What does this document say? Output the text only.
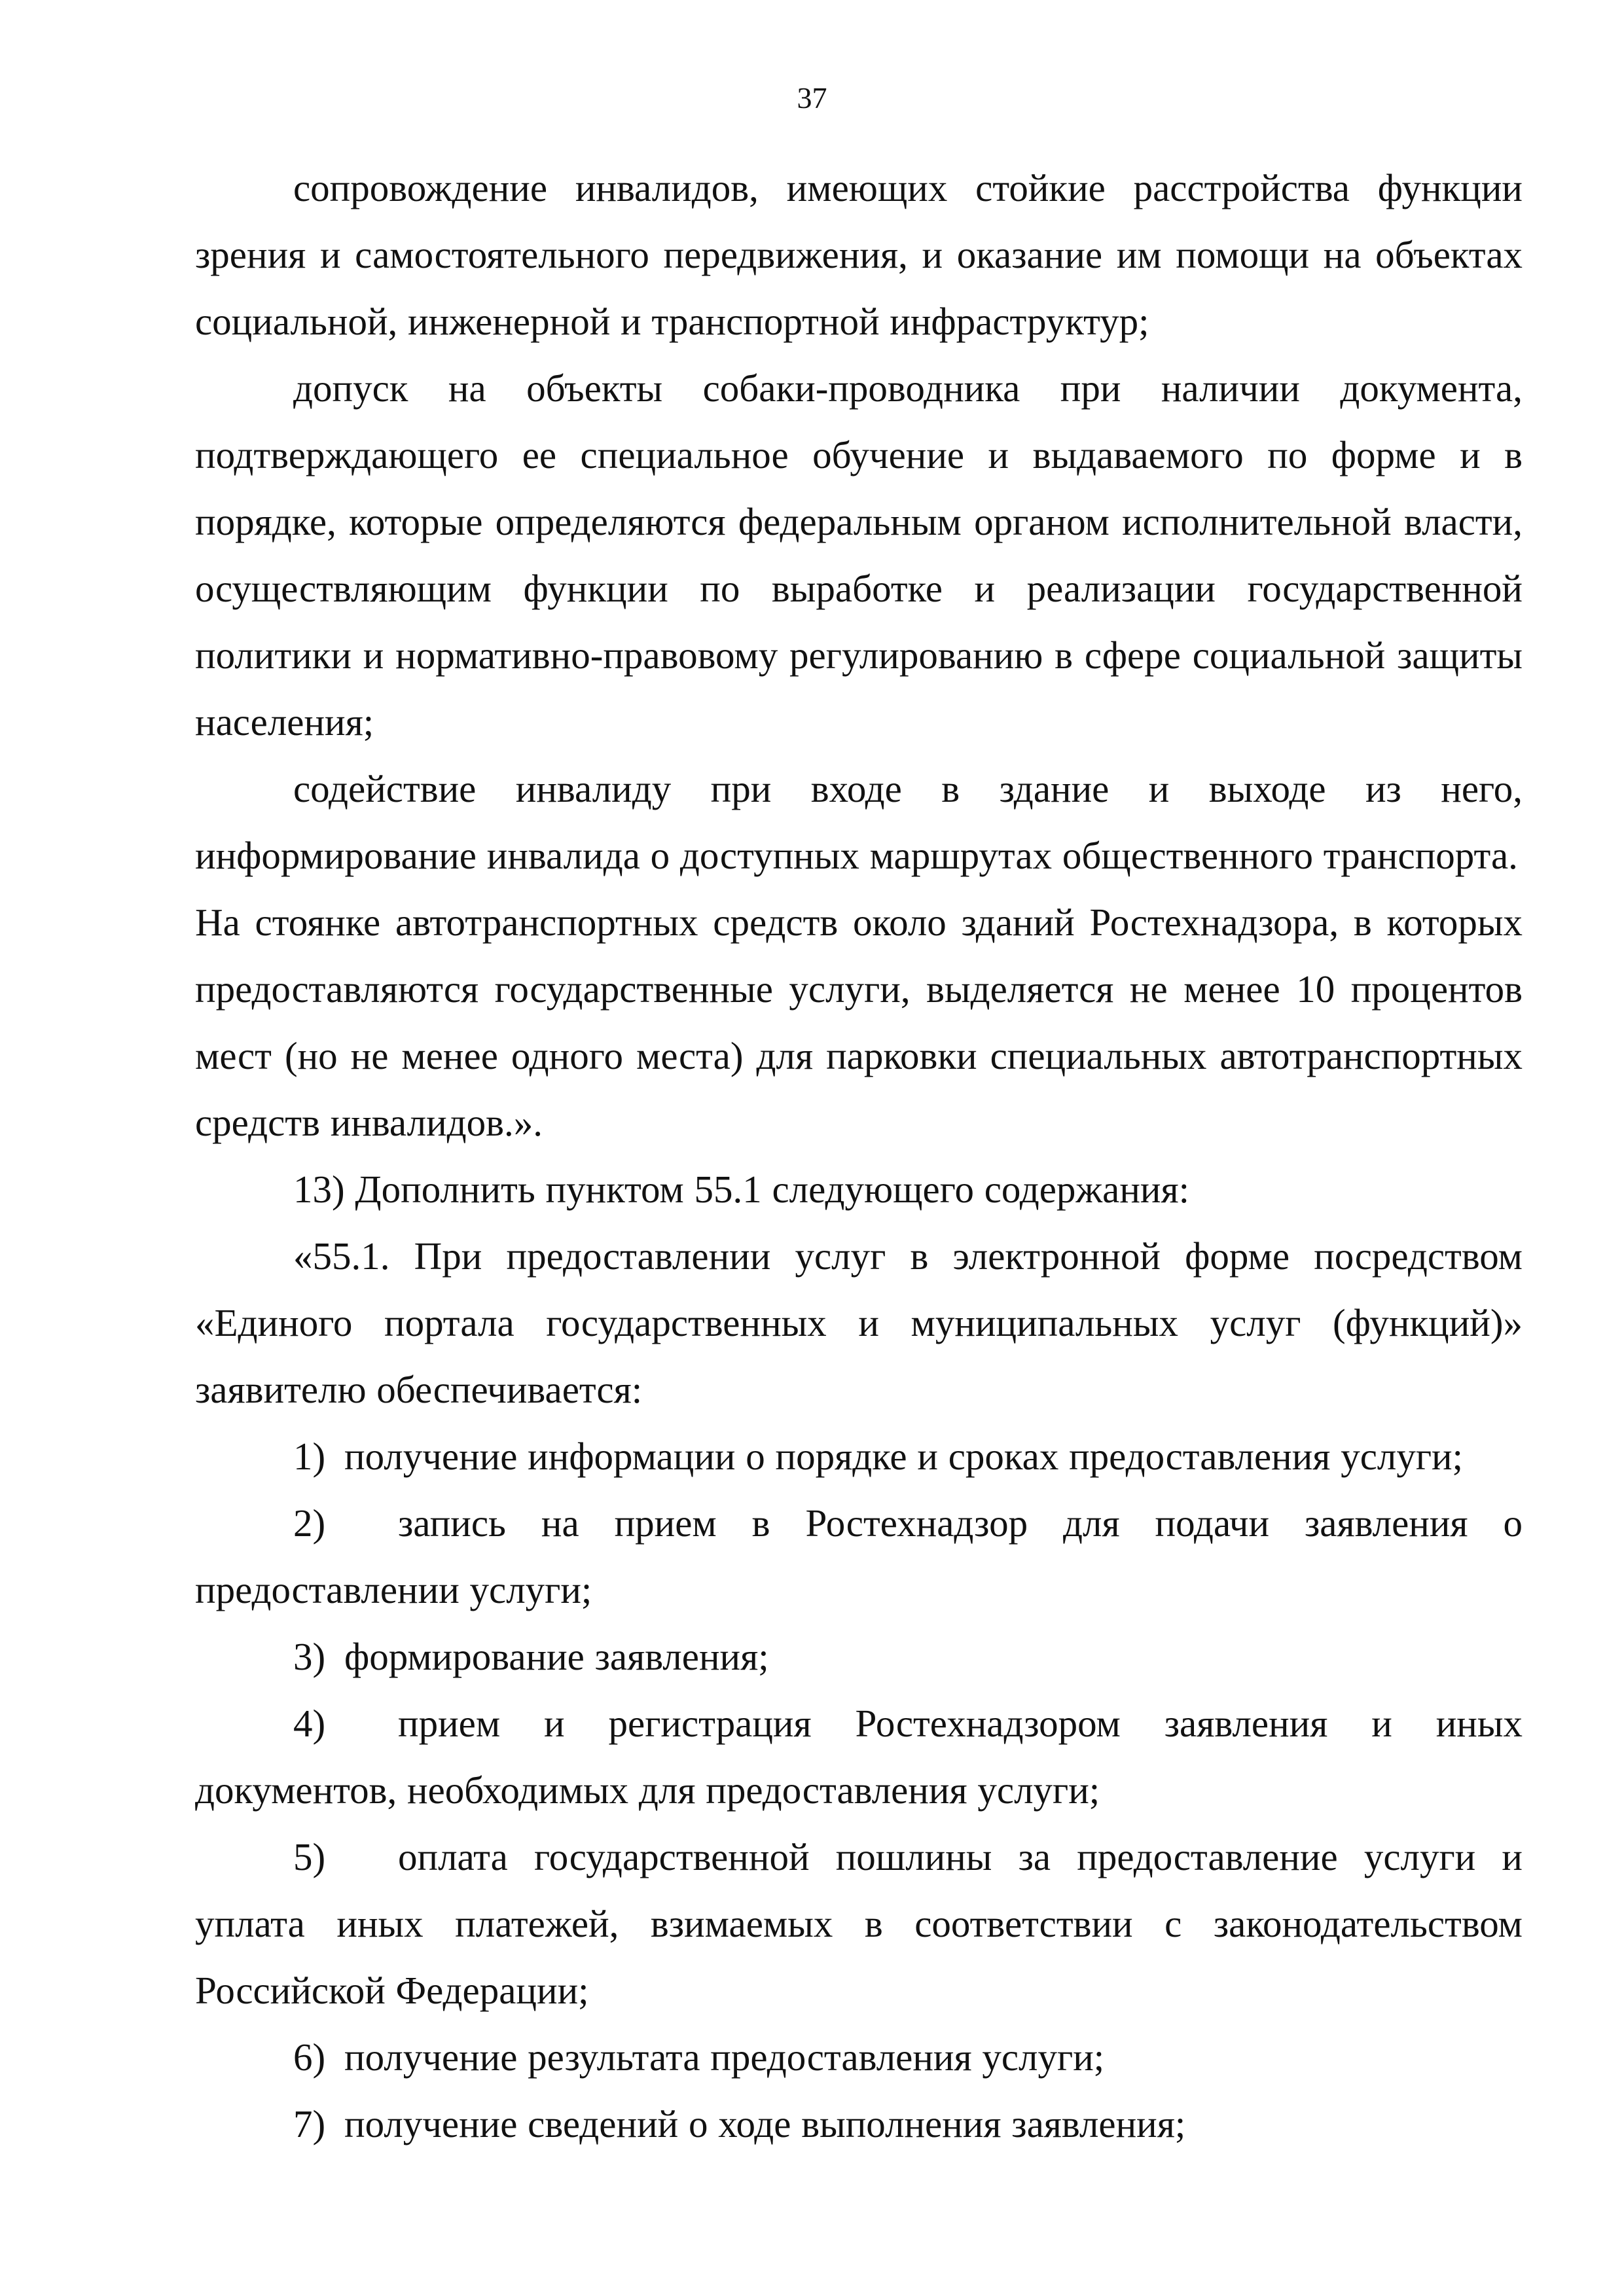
37

сопровождение инвалидов, имеющих стойкие расстройства функции зрения и самостоятельного передвижения, и оказание им помощи на объектах социальной, инженерной и транспортной инфраструктур;

допуск на объекты собаки-проводника при наличии документа, подтверждающего ее специальное обучение и выдаваемого по форме и в порядке, которые определяются федеральным органом исполнительной власти, осуществляющим функции по выработке и реализации государственной политики и нормативно-правовому регулированию в сфере социальной защиты населения;

содействие инвалиду при входе в здание и выходе из него, информирование инвалида о доступных маршрутах общественного транспорта.

На стоянке автотранспортных средств около зданий Ростехнадзора, в которых предоставляются государственные услуги, выделяется не менее 10 процентов мест (но не менее одного места) для парковки специальных автотранспортных средств инвалидов.».

13) Дополнить пунктом 55.1 следующего содержания:

«55.1. При предоставлении услуг в электронной форме посредством «Единого портала государственных и муниципальных услуг (функций)» заявителю обеспечивается:

1) получение информации о порядке и сроках предоставления услуги;

2) запись на прием в Ростехнадзор для подачи заявления о предоставлении услуги;

3) формирование заявления;

4) прием и регистрация Ростехнадзором заявления и иных документов, необходимых для предоставления услуги;

5) оплата государственной пошлины за предоставление услуги и уплата иных платежей, взимаемых в соответствии с законодательством Российской Федерации;

6) получение результата предоставления услуги;

7) получение сведений о ходе выполнения заявления;
